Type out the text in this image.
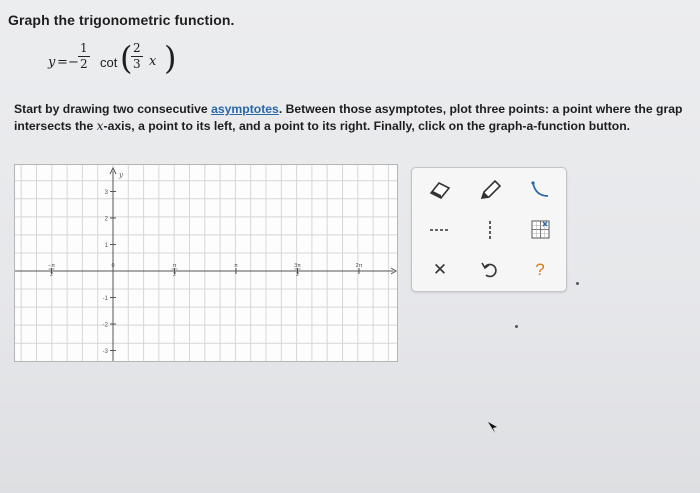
Graph the trigonometric function.
y = − $\frac{1}{2}$ cot (
$\frac{2}{3}$ x )
Start by drawing two consecutive asymptotes. Between those asymptotes, plot three points: a point where the grap
intersects the x-axis, a point to its left, and a point to its right. Finally, click on the graph-a-function button.
y
3
2
1
-1
-2
-3
−π
2
0	π
2
π	3π
2
2π	✕	?
